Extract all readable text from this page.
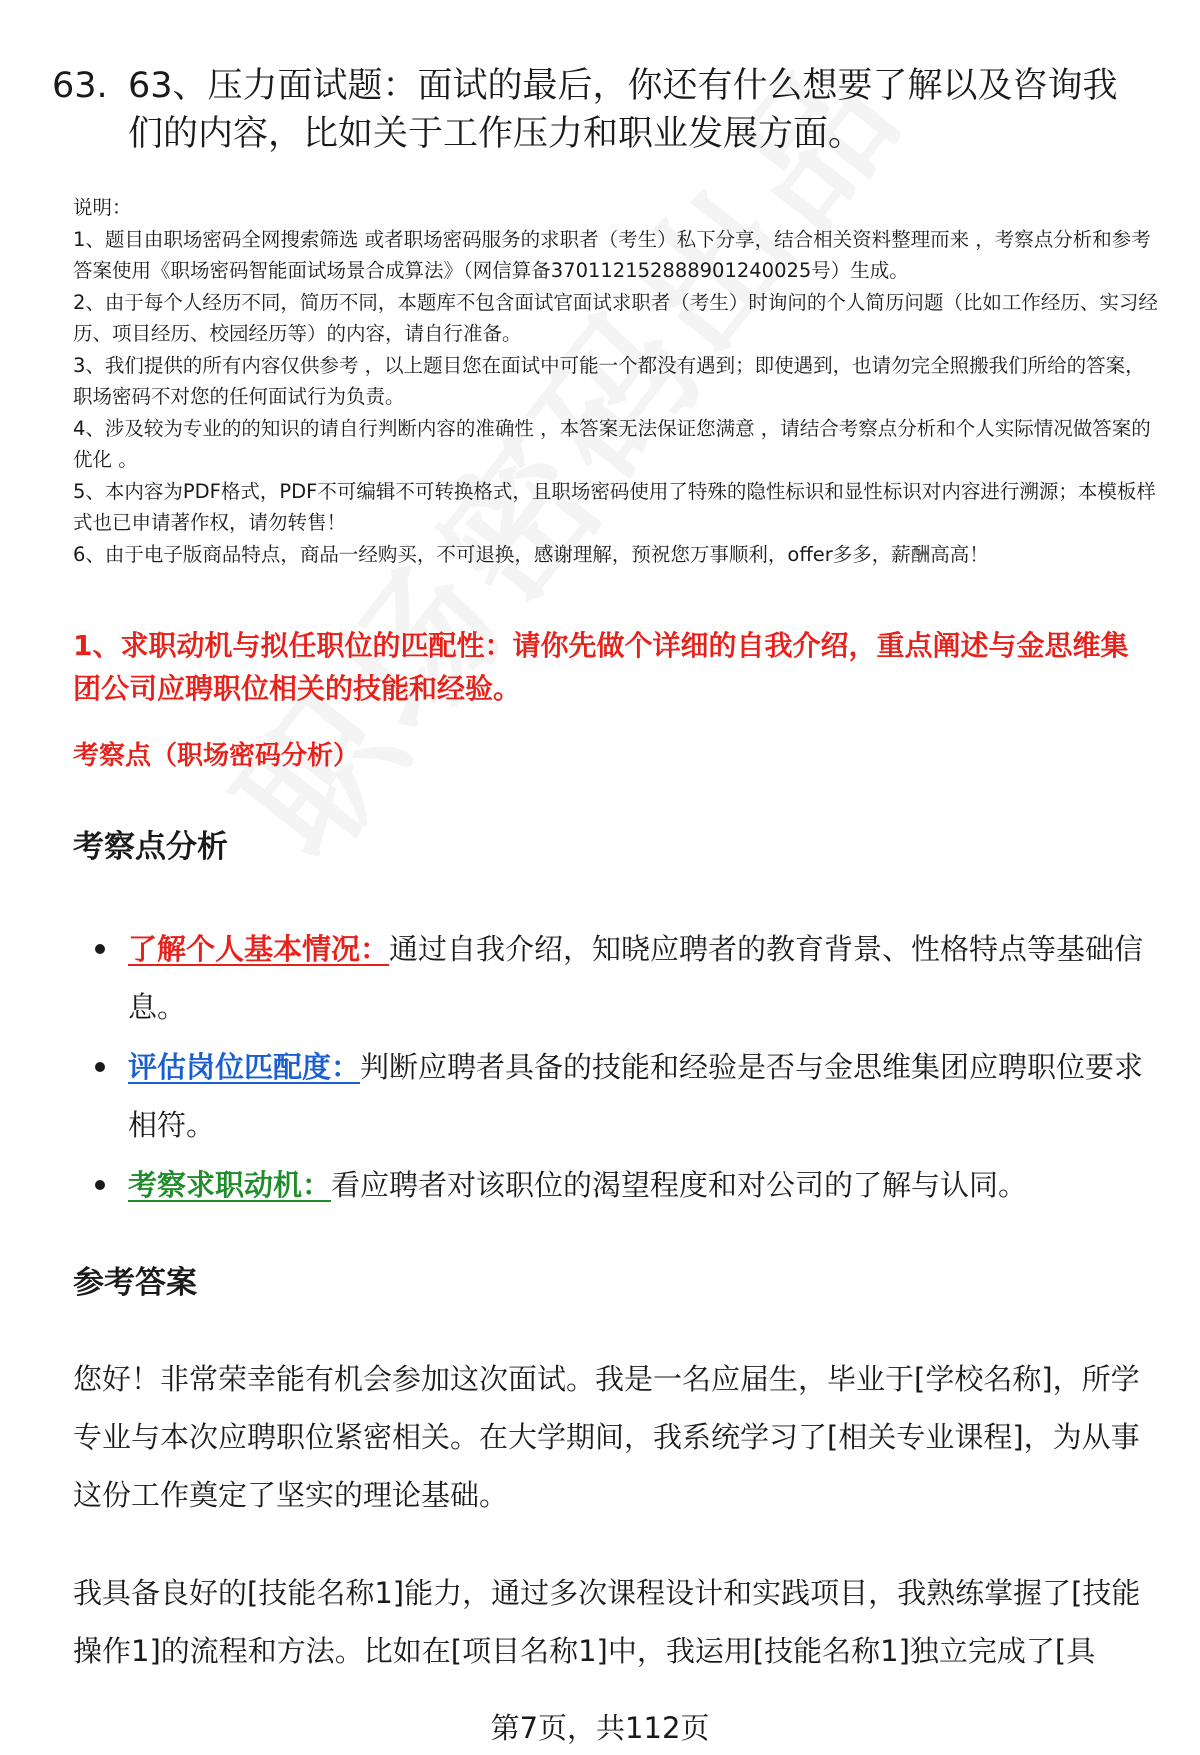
63. 63、压力面试题：面试的最后，你还有什么想要了解以及咨询我们的内容，比如关于工作压力和职业发展方面。

说明：

1、题目由职场密码全网搜索筛选 或者职场密码服务的求职者（考生）私下分享，结合相关资料整理而来 ，考察点分析和参考答案使用《职场密码智能面试场景合成算法》（网信算备370112152888901240025号）生成。

2、由于每个人经历不同，简历不同，本题库不包含面试官面试求职者（考生）时询问的个人简历问题（比如工作经历、实习经历、项目经历、校园经历等）的内容，请自行准备。

3、我们提供的所有内容仅供参考 ，以上题目您在面试中可能一个都没有遇到；即使遇到，也请勿完全照搬我们所给的答案，职场密码不对您的任何面试行为负责。

4、涉及较为专业的的知识的请自行判断内容的准确性 ，本答案无法保证您满意 ，请结合考察点分析和个人实际情况做答案的优化 。

5、本内容为PDF格式，PDF不可编辑不可转换格式，且职场密码使用了特殊的隐性标识和显性标识对内容进行溯源；本模板样式也已申请著作权，请勿转售！

6、由于电子版商品特点，商品一经购买，不可退换，感谢理解，预祝您万事顺利，offer多多，薪酬高高！

1、求职动机与拟任职位的匹配性：请你先做个详细的自我介绍，重点阐述与金思维集团公司应聘职位相关的技能和经验。
考察点（职场密码分析）
考察点分析
了解个人基本情况：通过自我介绍，知晓应聘者的教育背景、性格特点等基础信息。
评估岗位匹配度：判断应聘者具备的技能和经验是否与金思维集团应聘职位要求相符。
考察求职动机：看应聘者对该职位的渴望程度和对公司的了解与认同。
参考答案

您好！非常荣幸能有机会参加这次面试。我是一名应届生，毕业于[学校名称]，所学专业与本次应聘职位紧密相关。在大学期间，我系统学习了[相关专业课程]，为从事这份工作奠定了坚实的理论基础。

我具备良好的[技能名称1]能力，通过多次课程设计和实践项目，我熟练掌握了[技能操作1]的流程和方法。比如在[项目名称1]中，我运用[技能名称1]独立完成了[具

第7页，共112页
